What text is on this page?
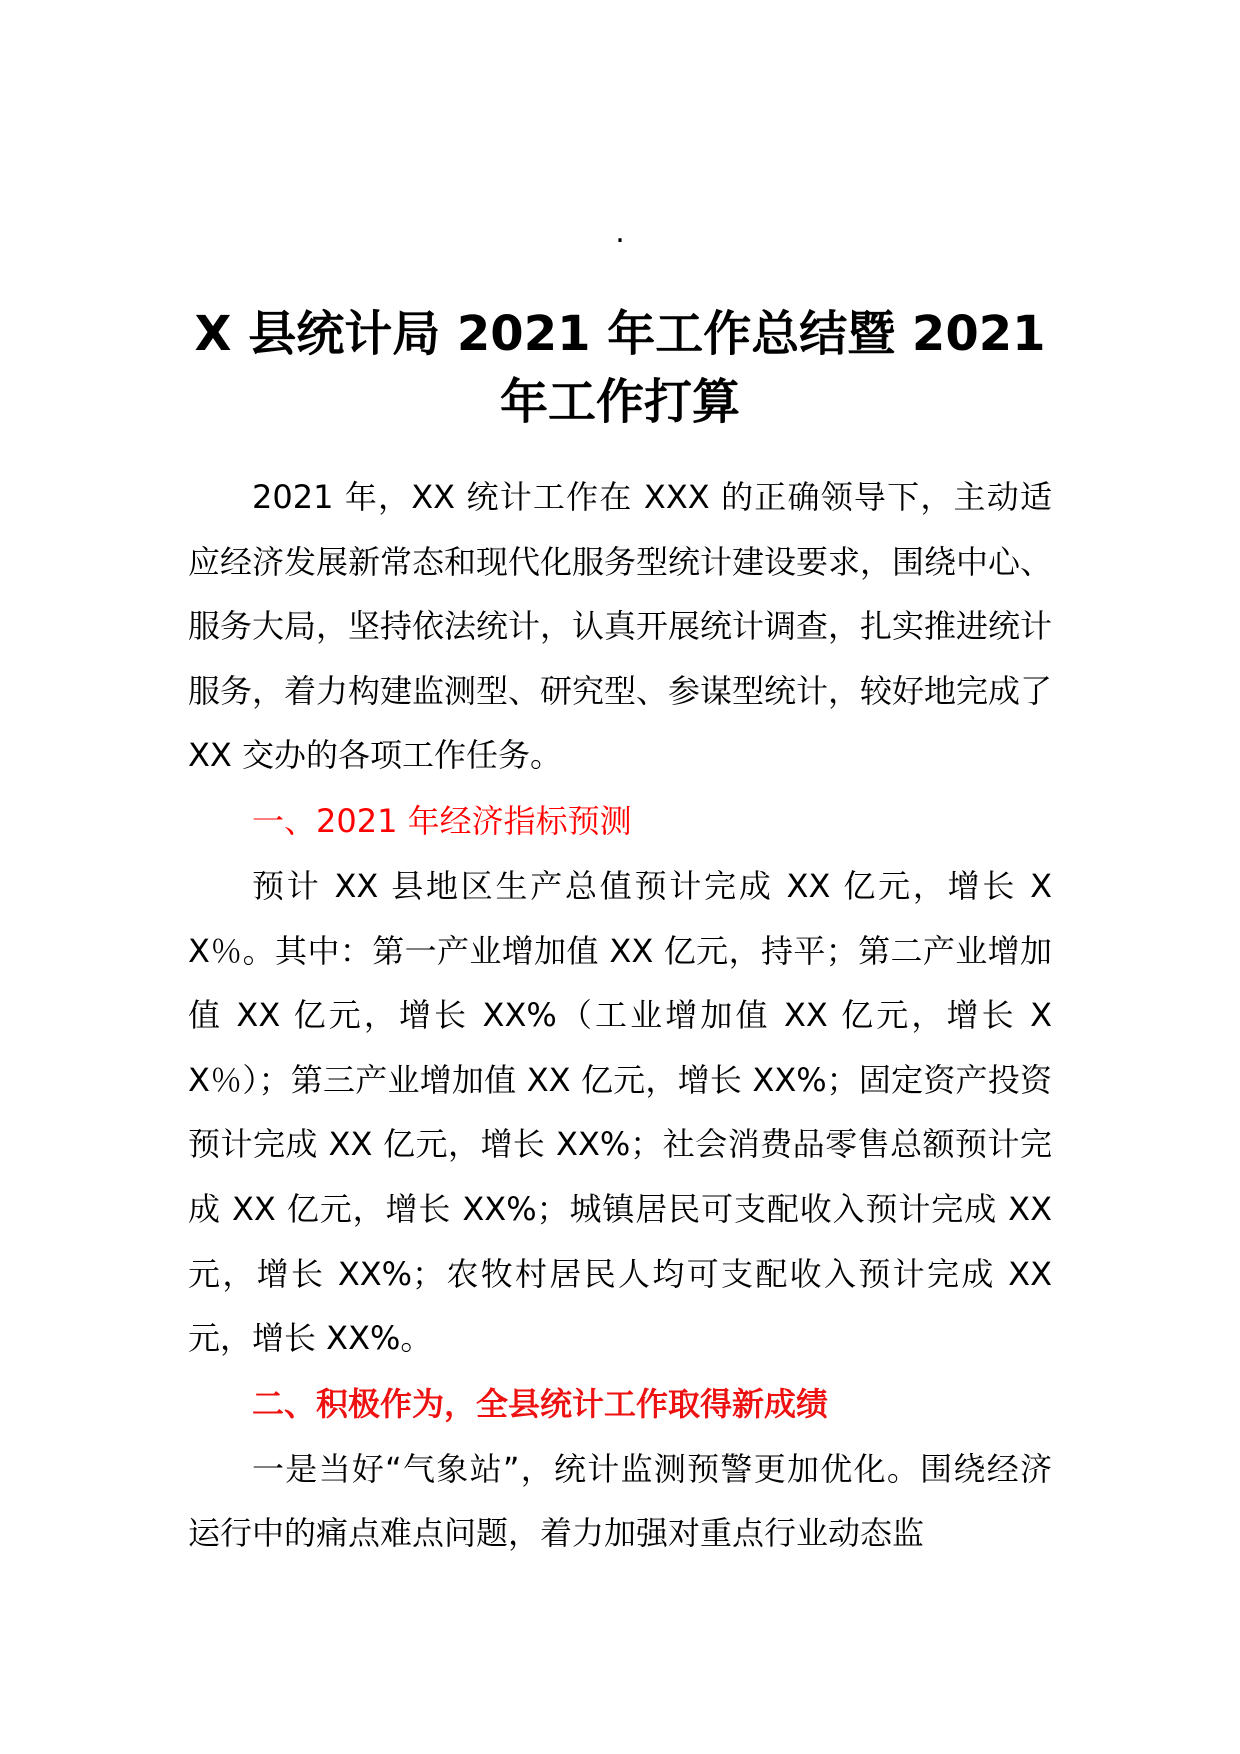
.
X 县统计局 2021 年工作总结暨 2021 年工作打算

2021 年，XX 统计工作在 XXX 的正确领导下，主动适应经济发展新常态和现代化服务型统计建设要求，围绕中心、服务大局，坚持依法统计，认真开展统计调查，扎实推进统计服务，着力构建监测型、研究型、参谋型统计，较好地完成了 XX 交办的各项工作任务。

一、2021 年经济指标预测

预计 XX 县地区生产总值预计完成 XX 亿元，增长 XX％。其中：第一产业增加值 XX 亿元，持平；第二产业增加值 XX 亿元，增长 XX%（工业增加值 XX 亿元，增长 XX％）；第三产业增加值 XX 亿元，增长 XX%；固定资产投资预计完成 XX 亿元，增长 XX%；社会消费品零售总额预计完成 XX 亿元，增长 XX%；城镇居民可支配收入预计完成 XX 元，增长 XX%；农牧村居民人均可支配收入预计完成 XX 元，增长 XX%。

二、积极作为，全县统计工作取得新成绩

一是当好“气象站”，统计监测预警更加优化。围绕经济运行中的痛点难点问题，着力加强对重点行业动态监
